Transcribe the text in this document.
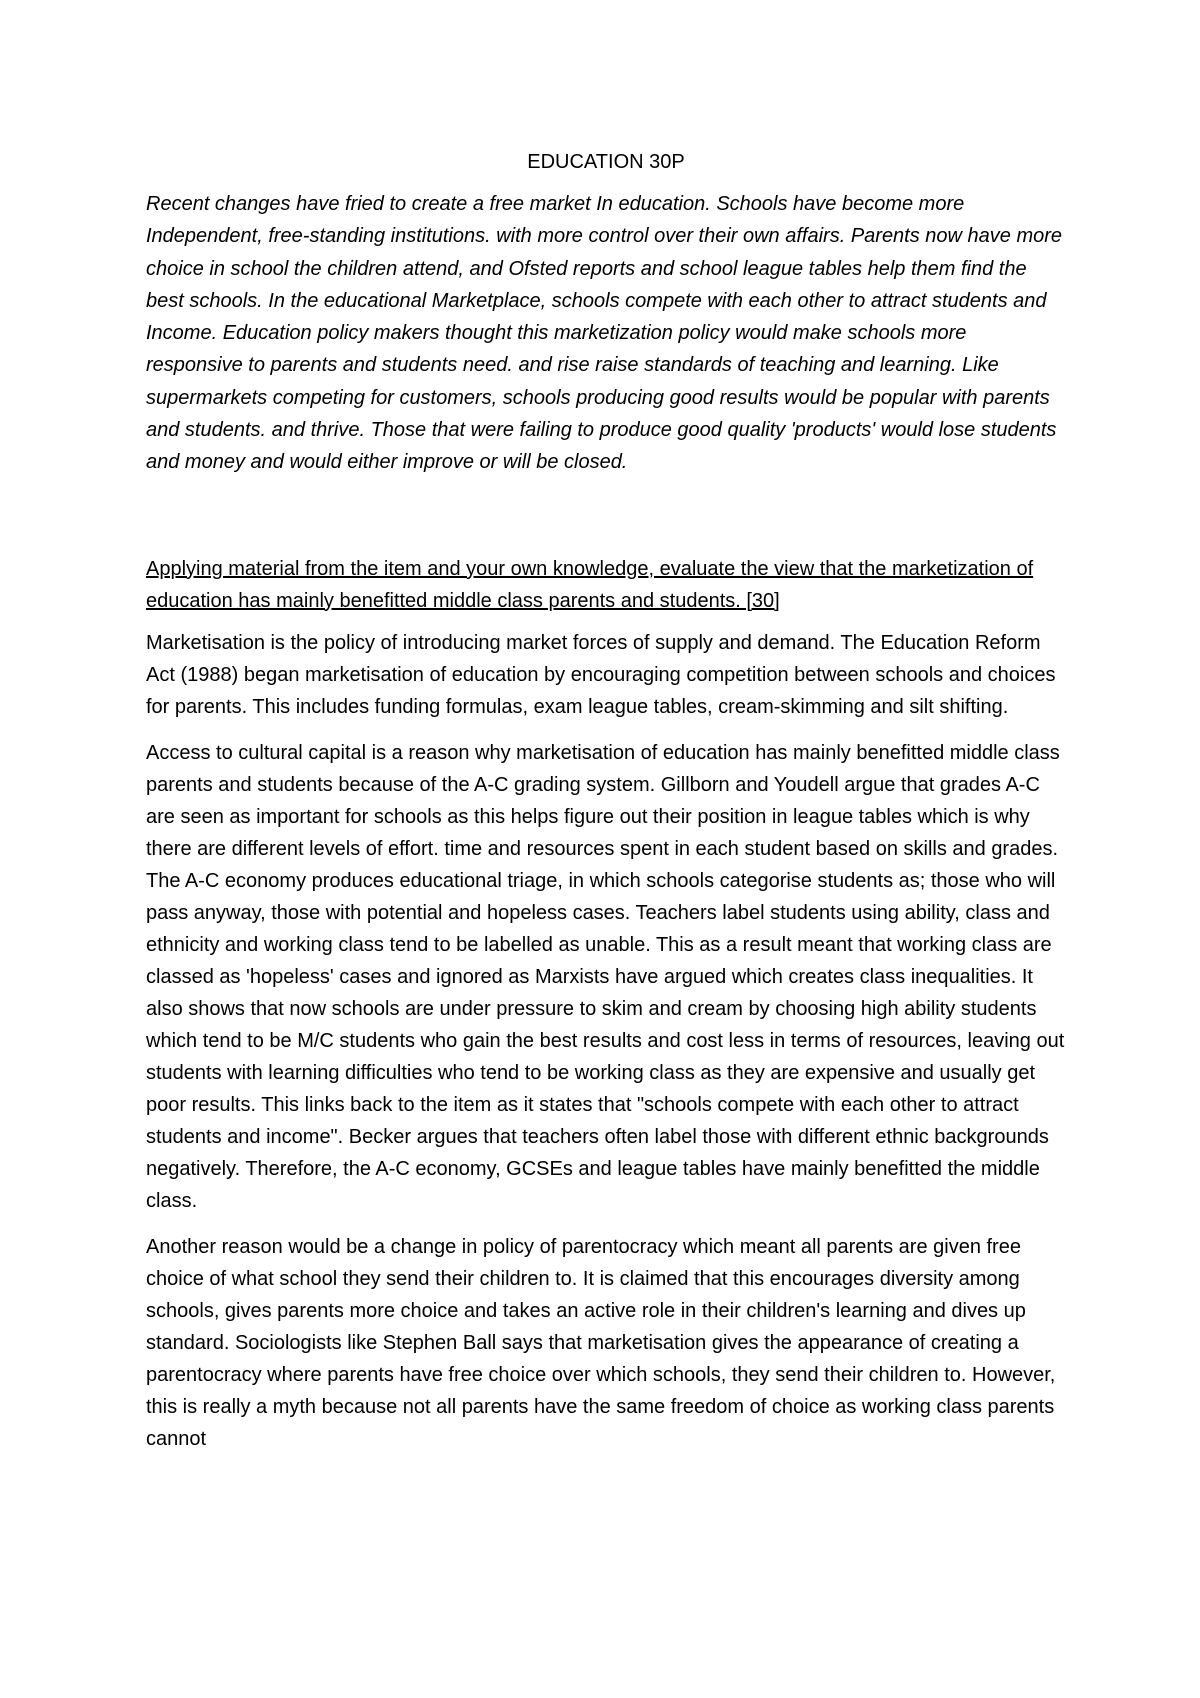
EDUCATION 30P

Recent changes have fried to create a free market In education. Schools have become more Independent, free-standing institutions. with more control over their own affairs. Parents now have more choice in school the children attend, and Ofsted reports and school league tables help them find the best schools. In the educational Marketplace, schools compete with each other to attract students and Income. Education policy makers thought this marketization policy would make schools more responsive to parents and students need. and rise raise standards of teaching and learning. Like supermarkets competing for customers, schools producing good results would be popular with parents and students. and thrive. Those that were failing to produce good quality 'products' would lose students and money and would either improve or will be closed.

Applying material from the item and your own knowledge, evaluate the view that the marketization of education has mainly benefitted middle class parents and students. [30]

Marketisation is the policy of introducing market forces of supply and demand. The Education Reform Act (1988) began marketisation of education by encouraging competition between schools and choices for parents. This includes funding formulas, exam league tables, cream-skimming and silt shifting.

Access to cultural capital is a reason why marketisation of education has mainly benefitted middle class parents and students because of the A-C grading system. Gillborn and Youdell argue that grades A-C are seen as important for schools as this helps figure out their position in league tables which is why there are different levels of effort. time and resources spent in each student based on skills and grades. The A-C economy produces educational triage, in which schools categorise students as; those who will pass anyway, those with potential and hopeless cases. Teachers label students using ability, class and ethnicity and working class tend to be labelled as unable. This as a result meant that working class are classed as 'hopeless' cases and ignored as Marxists have argued which creates class inequalities. It also shows that now schools are under pressure to skim and cream by choosing high ability students which tend to be M/C students who gain the best results and cost less in terms of resources, leaving out students with learning difficulties who tend to be working class as they are expensive and usually get poor results. This links back to the item as it states that "schools compete with each other to attract students and income". Becker argues that teachers often label those with different ethnic backgrounds negatively. Therefore, the A-C economy, GCSEs and league tables have mainly benefitted the middle class.

Another reason would be a change in policy of parentocracy which meant all parents are given free choice of what school they send their children to. It is claimed that this encourages diversity among schools, gives parents more choice and takes an active role in their children's learning and dives up standard. Sociologists like Stephen Ball says that marketisation gives the appearance of creating a parentocracy where parents have free choice over which schools, they send their children to. However, this is really a myth because not all parents have the same freedom of choice as working class parents cannot
